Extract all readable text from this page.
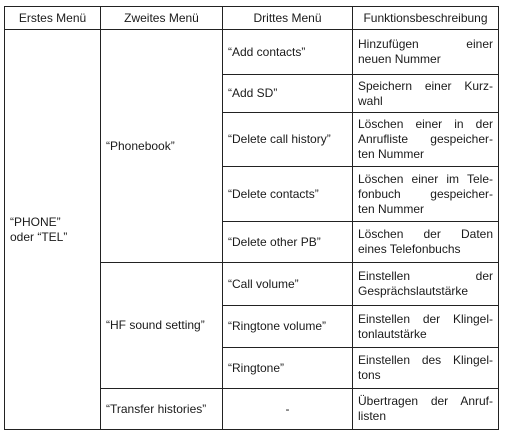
Erstes Menü	Zweites Menü	Drittes Menü	Funktionsbeschreibung
“PHONE”
oder “TEL”	“Phonebook”	“Add contacts”	Hinzufügen einer
neuen Nummer
		“Add SD”	Speichern einer Kurz-
wahl
		“Delete call history”	Löschen einer in der
Anrufliste gespeicher-
ten Nummer
		“Delete contacts”	Löschen einer im Tele-
fonbuch gespeicher-
ten Nummer
		“Delete other PB”	Löschen der Daten
eines Telefonbuchs
	“HF sound setting”	“Call volume”	Einstellen der
Gesprächslautstärke
		“Ringtone volume”	Einstellen der Klingel-
tonlautstärke
		“Ringtone”	Einstellen des Klingel-
tons
	“Transfer histories”	-	Übertragen der Anruf-
listen
